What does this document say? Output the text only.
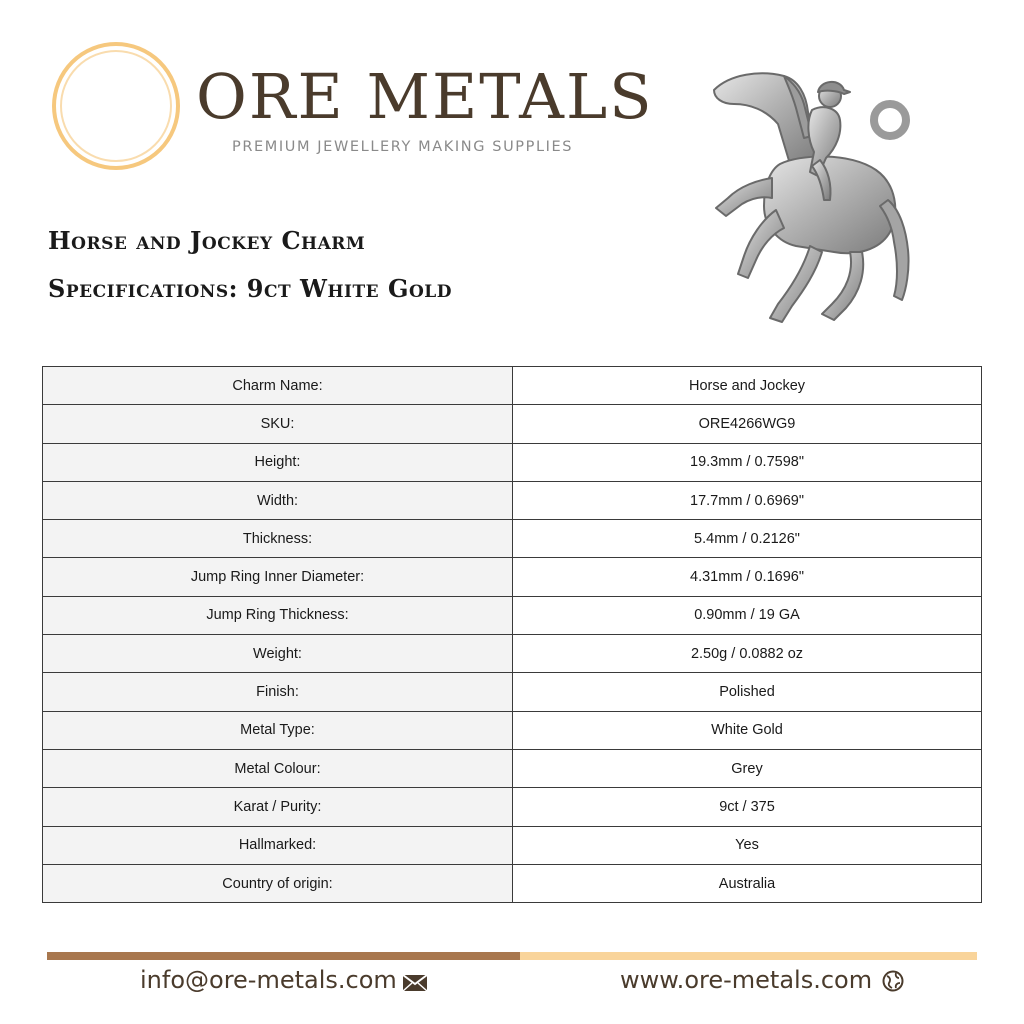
ORE METALS
PREMIUM JEWELLERY MAKING SUPPLIES
Horse and Jockey Charm
Specifications: 9ct White Gold
Charm Name:	Horse and Jockey
SKU:	ORE4266WG9
Height:	19.3mm / 0.7598"
Width:	17.7mm / 0.6969"
Thickness:	5.4mm / 0.2126"
Jump Ring Inner Diameter:	4.31mm / 0.1696"
Jump Ring Thickness:	0.90mm / 19 GA
Weight:	2.50g / 0.0882 oz
Finish:	Polished
Metal Type:	White Gold
Metal Colour:	Grey
Karat / Purity:	9ct / 375
Hallmarked:	Yes
Country of origin:	Australia
info@ore-metals.com	www.ore-metals.com
